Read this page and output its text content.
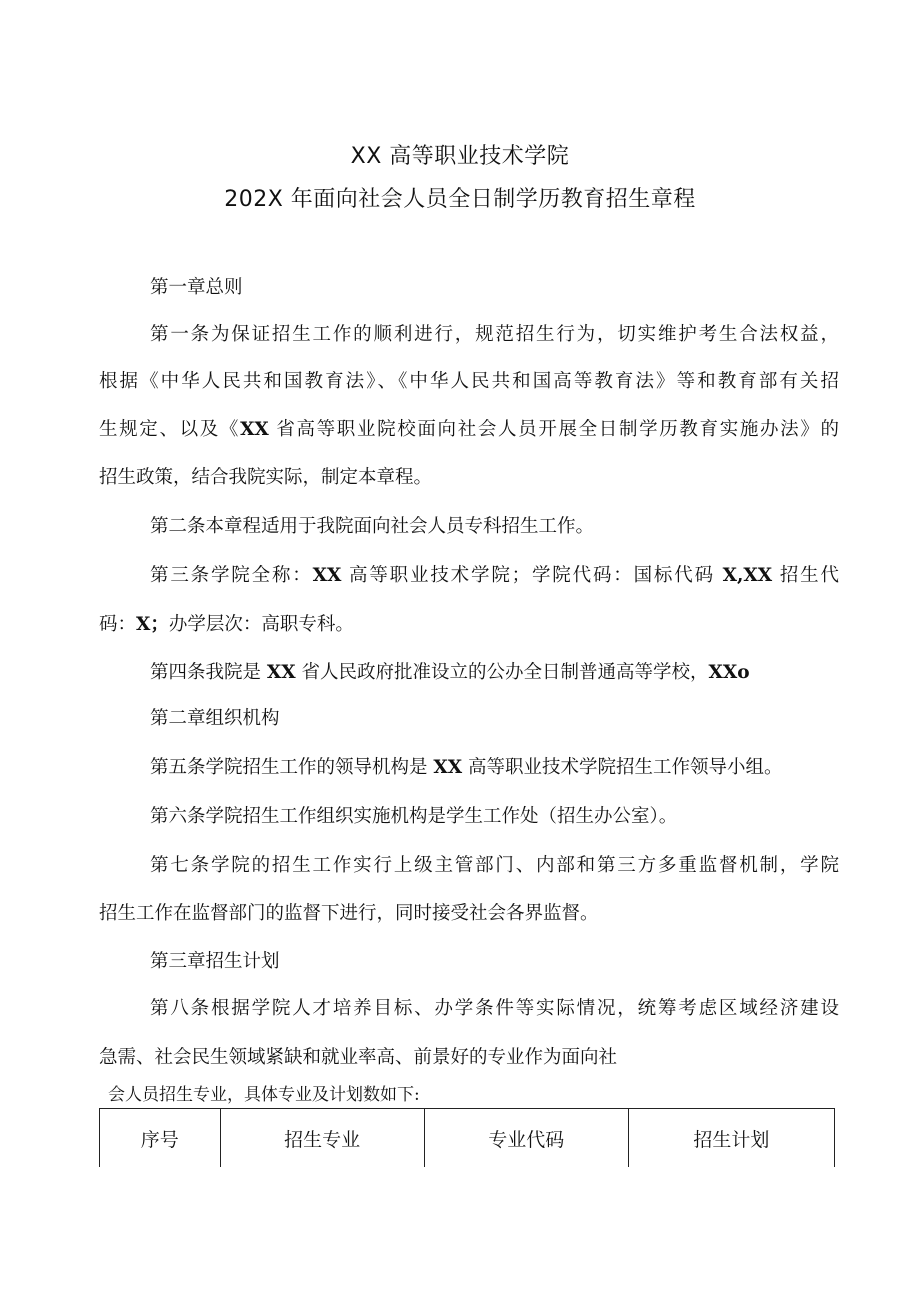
XX 高等职业技术学院
202X 年面向社会人员全日制学历教育招生章程

第一章总则

第一条为保证招生工作的顺利进行，规范招生行为，切实维护考生合法权益，

根据《中华人民共和国教育法》、《中华人民共和国高等教育法》等和教育部有关招

生规定、以及《XX 省高等职业院校面向社会人员开展全日制学历教育实施办法》的

招生政策，结合我院实际，制定本章程。

第二条本章程适用于我院面向社会人员专科招生工作。

第三条学院全称：XX 高等职业技术学院；学院代码：国标代码 X,XX 招生代

码：X；办学层次：高职专科。

第四条我院是 XX 省人民政府批准设立的公办全日制普通高等学校，XXo

第二章组织机构

第五条学院招生工作的领导机构是 XX 高等职业技术学院招生工作领导小组。

第六条学院招生工作组织实施机构是学生工作处（招生办公室）。

第七条学院的招生工作实行上级主管部门、内部和第三方多重监督机制，学院

招生工作在监督部门的监督下进行，同时接受社会各界监督。

第三章招生计划

第八条根据学院人才培养目标、办学条件等实际情况，统筹考虑区域经济建设

急需、社会民生领域紧缺和就业率高、前景好的专业作为面向社

会人员招生专业，具体专业及计划数如下:
序号	招生专业	专业代码	招生计划
